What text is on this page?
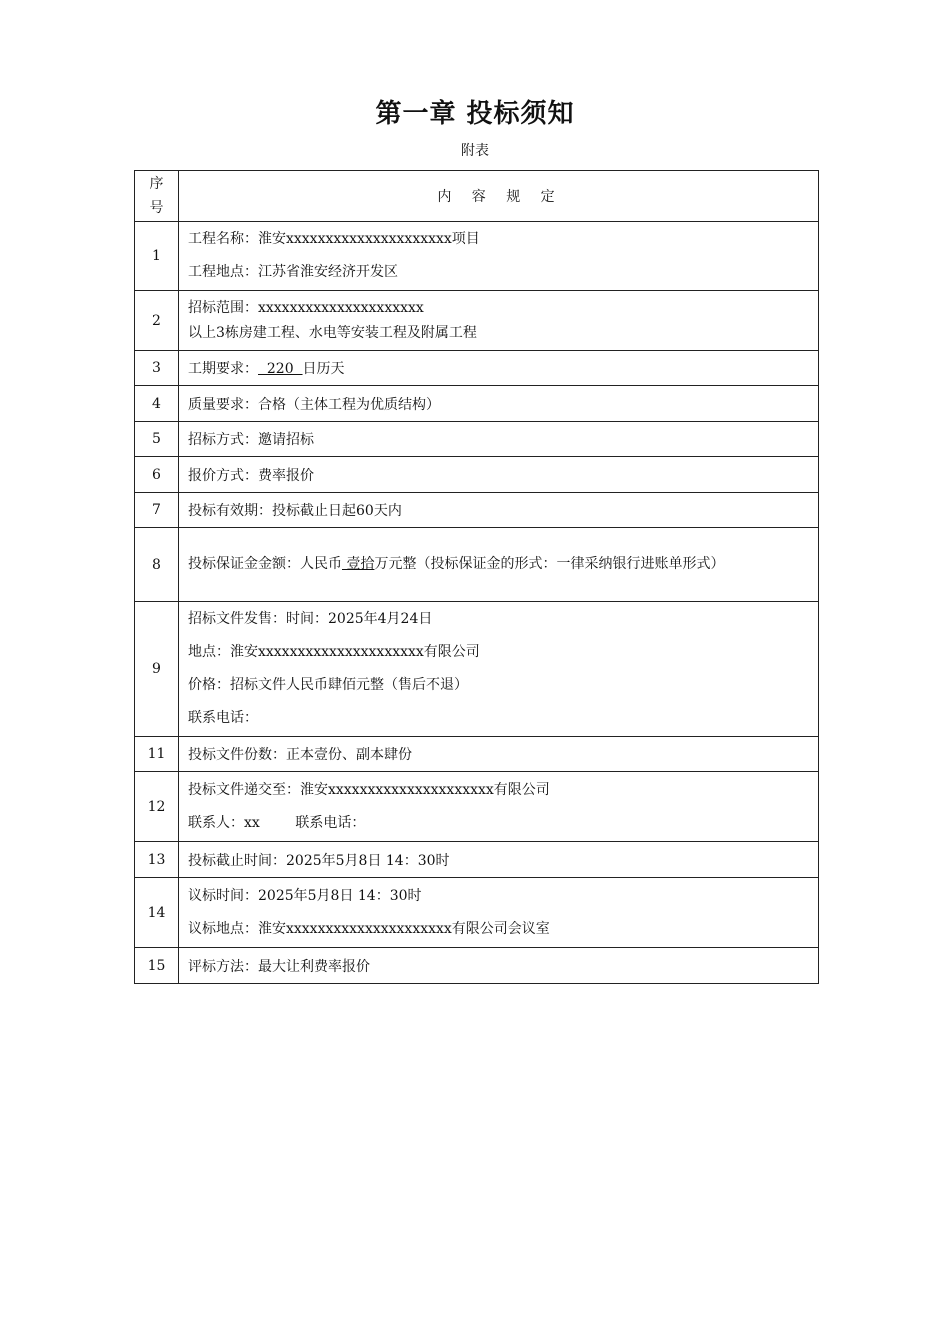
第一章 投标须知
附表
序
号	内 容 规 定
1	工程名称：淮安xxxxxxxxxxxxxxxxxxxxx项目
工程地点：江苏省淮安经济开发区

2	招标范围：xxxxxxxxxxxxxxxxxxxxx
以上3栋房建工程、水电等安装工程及附属工程

3	工期要求：  220  日历天
4	质量要求：合格（主体工程为优质结构）
5	招标方式：邀请招标
6	报价方式：费率报价
7	投标有效期：投标截止日起60天内
8	投标保证金金额：人民币 壹拾万元整（投标保证金的形式：一律采纳银行进账单形式）

9	招标文件发售：时间：2025年4月24日
地点：淮安xxxxxxxxxxxxxxxxxxxxx有限公司
价格：招标文件人民币肆佰元整（售后不退）
联系电话：

11	投标文件份数：正本壹份、副本肆份
12	投标文件递交至：淮安xxxxxxxxxxxxxxxxxxxxx有限公司
联系人：xx        联系电话：

13	投标截止时间：2025年5月8日 14：30时
14	议标时间：2025年5月8日 14：30时
议标地点：淮安xxxxxxxxxxxxxxxxxxxxx有限公司会议室

15	评标方法：最大让利费率报价
